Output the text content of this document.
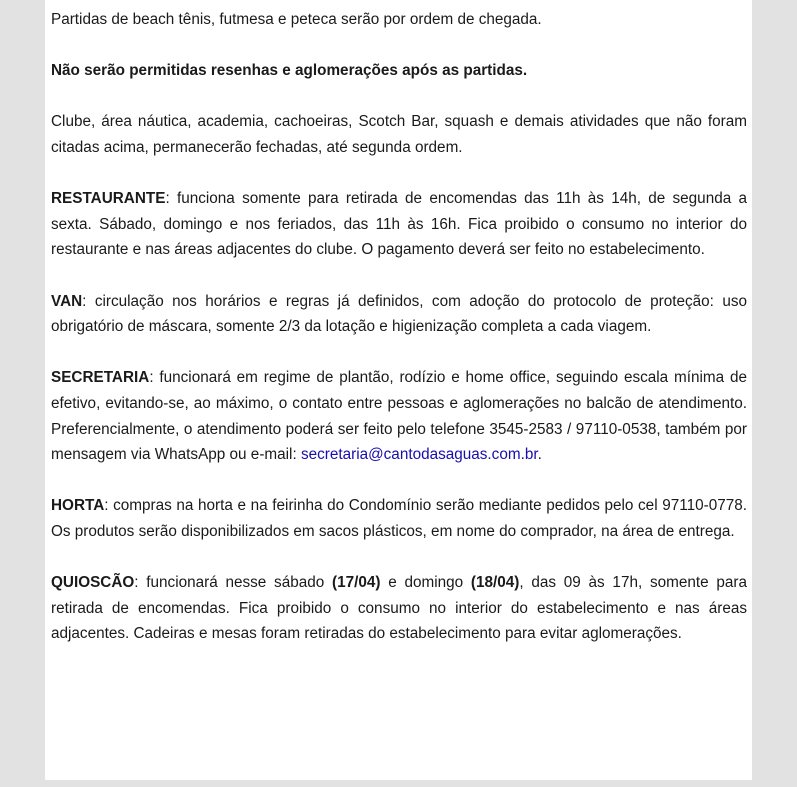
Partidas de beach tênis, futmesa e peteca serão por ordem de chegada.

Não serão permitidas resenhas e aglomerações após as partidas.

Clube, área náutica, academia, cachoeiras, Scotch Bar, squash e demais atividades que não foram citadas acima, permanecerão fechadas, até segunda ordem.

RESTAURANTE: funciona somente para retirada de encomendas das 11h às 14h, de segunda a sexta. Sábado, domingo e nos feriados, das 11h às 16h. Fica proibido o consumo no interior do restaurante e nas áreas adjacentes do clube. O pagamento deverá ser feito no estabelecimento.

VAN: circulação nos horários e regras já definidos, com adoção do protocolo de proteção: uso obrigatório de máscara, somente 2/3 da lotação e higienização completa a cada viagem.

SECRETARIA: funcionará em regime de plantão, rodízio e home office, seguindo escala mínima de efetivo, evitando-se, ao máximo, o contato entre pessoas e aglomerações no balcão de atendimento. Preferencialmente, o atendimento poderá ser feito pelo telefone 3545-2583 / 97110-0538, também por mensagem via WhatsApp ou e-mail: secretaria@cantodasaguas.com.br.

HORTA: compras na horta e na feirinha do Condomínio serão mediante pedidos pelo cel 97110-0778. Os produtos serão disponibilizados em sacos plásticos, em nome do comprador, na área de entrega.

QUIOSCÃO: funcionará nesse sábado (17/04) e domingo (18/04), das 09 às 17h, somente para retirada de encomendas. Fica proibido o consumo no interior do estabelecimento e nas áreas adjacentes. Cadeiras e mesas foram retiradas do estabelecimento para evitar aglomerações.
